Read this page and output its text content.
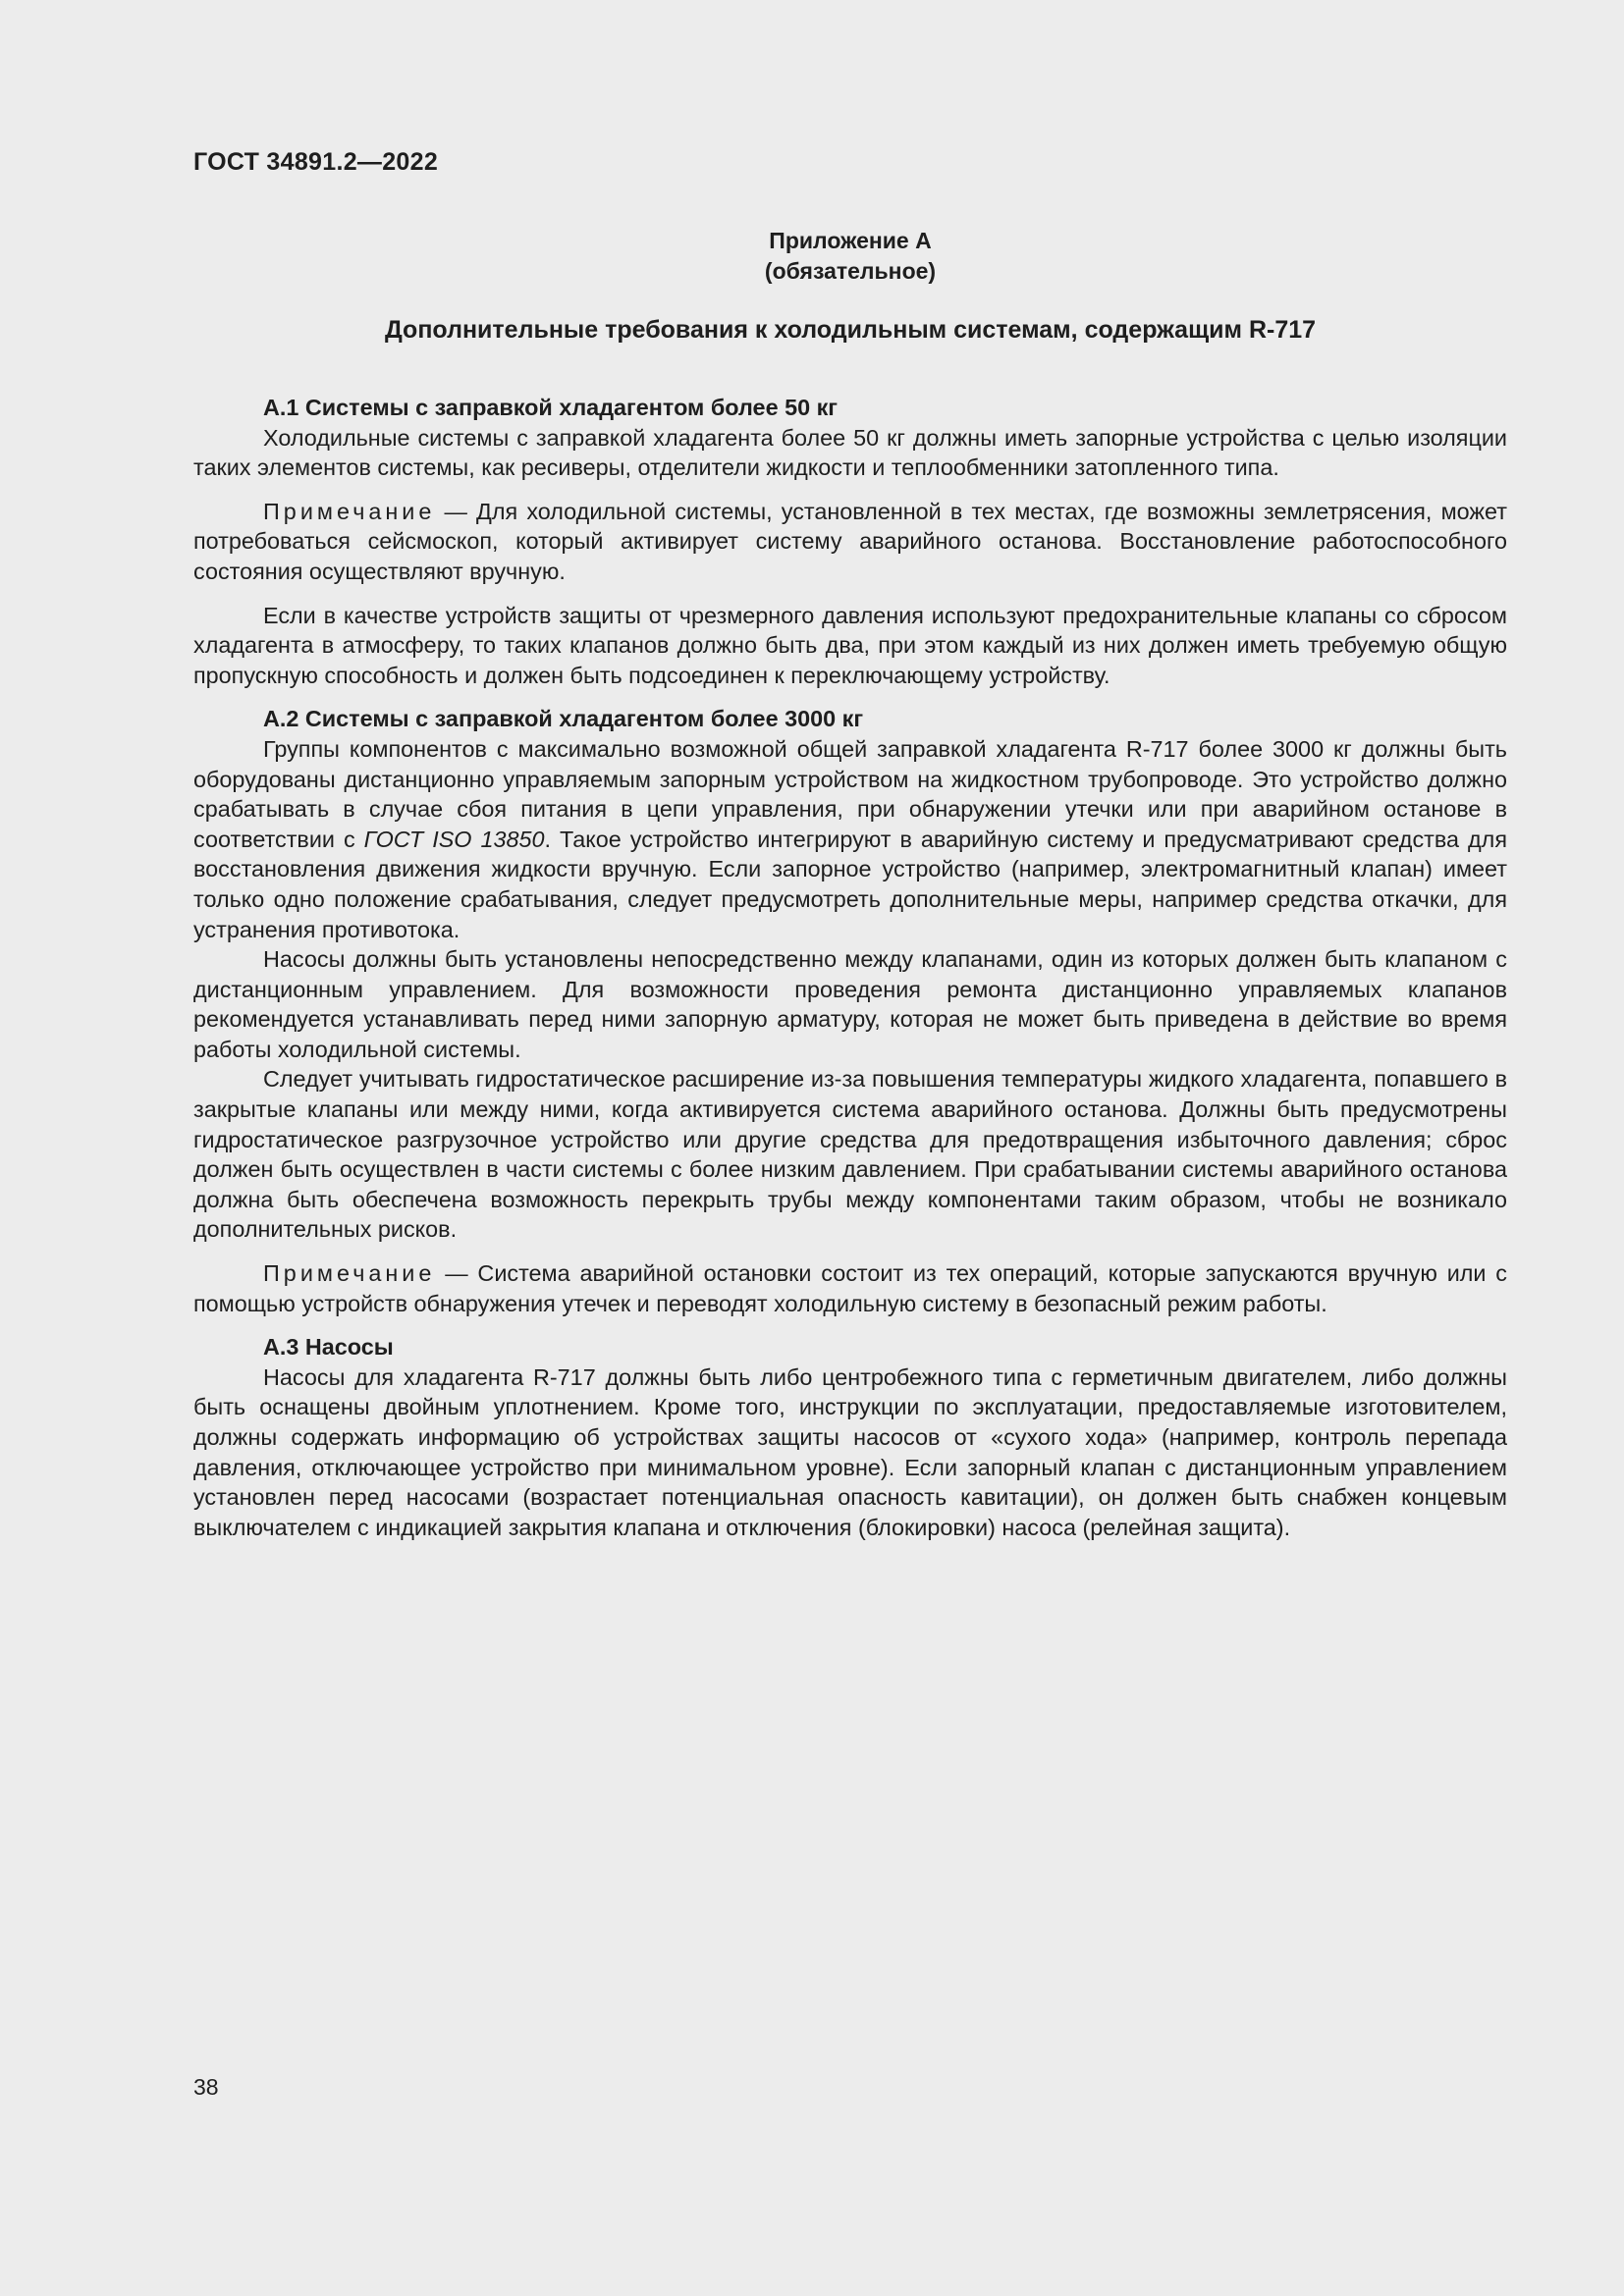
ГОСТ 34891.2—2022
Приложение А
(обязательное)
Дополнительные требования к холодильным системам, содержащим R-717
А.1 Системы с заправкой хладагентом более 50 кг

Холодильные системы с заправкой хладагента более 50 кг должны иметь запорные устройства с целью изоляции таких элементов системы, как ресиверы, отделители жидкости и теплообменники затопленного типа.

Примечание — Для холодильной системы, установленной в тех местах, где возможны землетрясения, может потребоваться сейсмоскоп, который активирует систему аварийного останова. Восстановление работоспособного состояния осуществляют вручную.

Если в качестве устройств защиты от чрезмерного давления используют предохранительные клапаны со сбросом хладагента в атмосферу, то таких клапанов должно быть два, при этом каждый из них должен иметь требуемую общую пропускную способность и должен быть подсоединен к переключающему устройству.

А.2 Системы с заправкой хладагентом более 3000 кг

Группы компонентов с максимально возможной общей заправкой хладагента R-717 более 3000 кг должны быть оборудованы дистанционно управляемым запорным устройством на жидкостном трубопроводе. Это устройство должно срабатывать в случае сбоя питания в цепи управления, при обнаружении утечки или при аварийном останове в соответствии с ГОСТ ISO 13850. Такое устройство интегрируют в аварийную систему и предусматривают средства для восстановления движения жидкости вручную. Если запорное устройство (например, электромагнитный клапан) имеет только одно положение срабатывания, следует предусмотреть дополнительные меры, например средства откачки, для устранения противотока.

Насосы должны быть установлены непосредственно между клапанами, один из которых должен быть клапаном с дистанционным управлением. Для возможности проведения ремонта дистанционно управляемых клапанов рекомендуется устанавливать перед ними запорную арматуру, которая не может быть приведена в действие во время работы холодильной системы.

Следует учитывать гидростатическое расширение из-за повышения температуры жидкого хладагента, попавшего в закрытые клапаны или между ними, когда активируется система аварийного останова. Должны быть предусмотрены гидростатическое разгрузочное устройство или другие средства для предотвращения избыточного давления; сброс должен быть осуществлен в части системы с более низким давлением. При срабатывании системы аварийного останова должна быть обеспечена возможность перекрыть трубы между компонентами таким образом, чтобы не возникало дополнительных рисков.

Примечание — Система аварийной остановки состоит из тех операций, которые запускаются вручную или с помощью устройств обнаружения утечек и переводят холодильную систему в безопасный режим работы.

А.3 Насосы

Насосы для хладагента R-717 должны быть либо центробежного типа с герметичным двигателем, либо должны быть оснащены двойным уплотнением. Кроме того, инструкции по эксплуатации, предоставляемые изготовителем, должны содержать информацию об устройствах защиты насосов от «сухого хода» (например, контроль перепада давления, отключающее устройство при минимальном уровне). Если запорный клапан с дистанционным управлением установлен перед насосами (возрастает потенциальная опасность кавитации), он должен быть снабжен концевым выключателем с индикацией закрытия клапана и отключения (блокировки) насоса (релейная защита).

38
